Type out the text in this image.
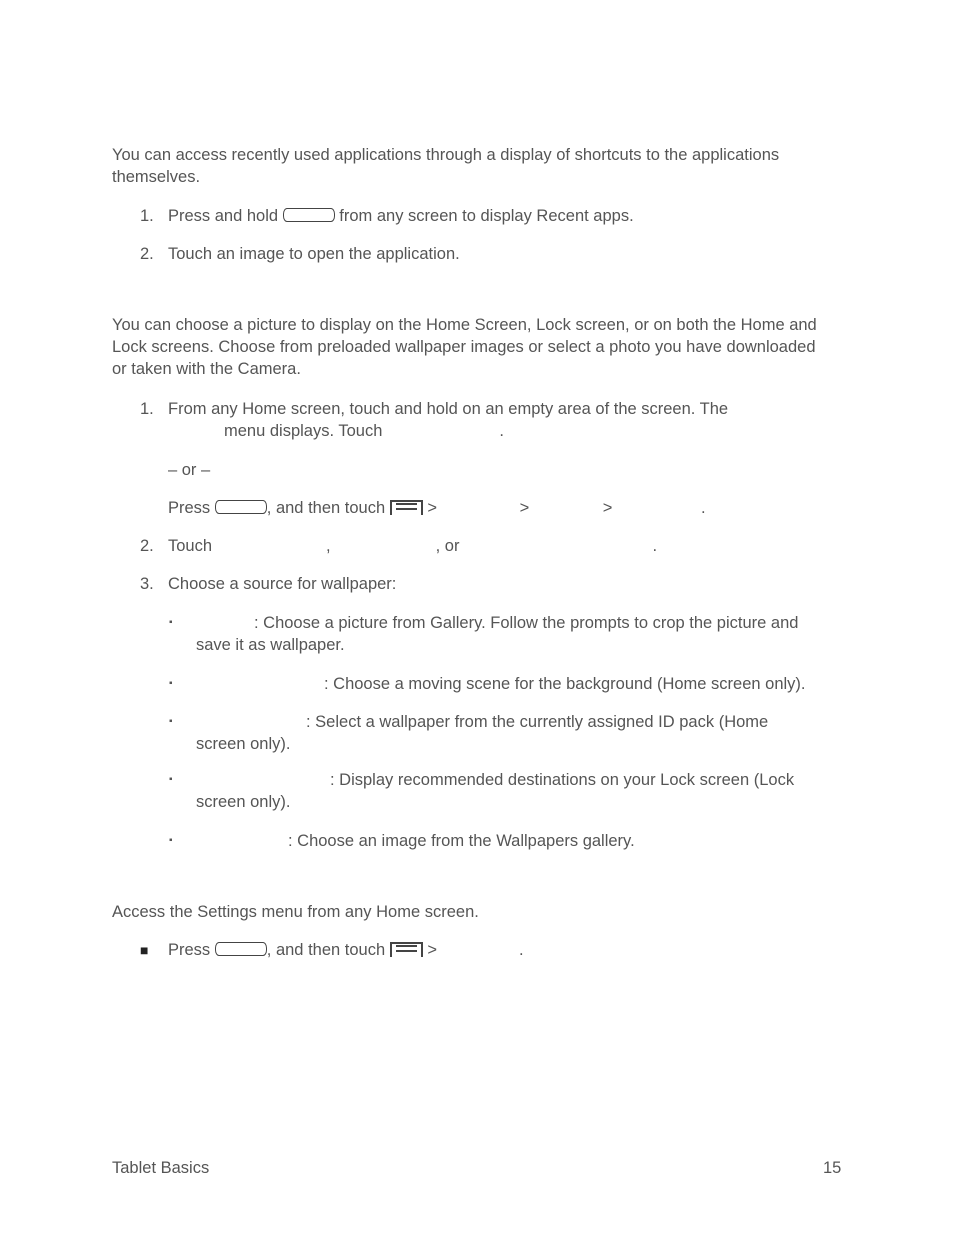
You can access recently used applications through a display of shortcuts to the applications themselves.
1. Press and hold	from any screen to display Recent apps.
2. Touch an image to open the application.
You can choose a picture to display on the Home Screen, Lock screen, or on both the Home and Lock screens. Choose from preloaded wallpaper images or select a photo you have downloaded or taken with the Camera.
1. From any Home screen, touch and hold on an empty area of the screen. The
menu displays. Touch	.
– or –
Press	, and then touch	>	>	>	.
2. Touch	,	, or	.
3. Choose a source for wallpaper:
▪	: Choose a picture from Gallery. Follow the prompts to crop the picture and
save it as wallpaper.
▪	: Choose a moving scene for the background (Home screen only).
▪	: Select a wallpaper from the currently assigned ID pack (Home
screen only).
▪	: Display recommended destinations on your Lock screen (Lock
screen only).
▪	: Choose an image from the Wallpapers gallery.
Access the Settings menu from any Home screen.
■ Press	, and then touch	>	.
Tablet Basics	15
